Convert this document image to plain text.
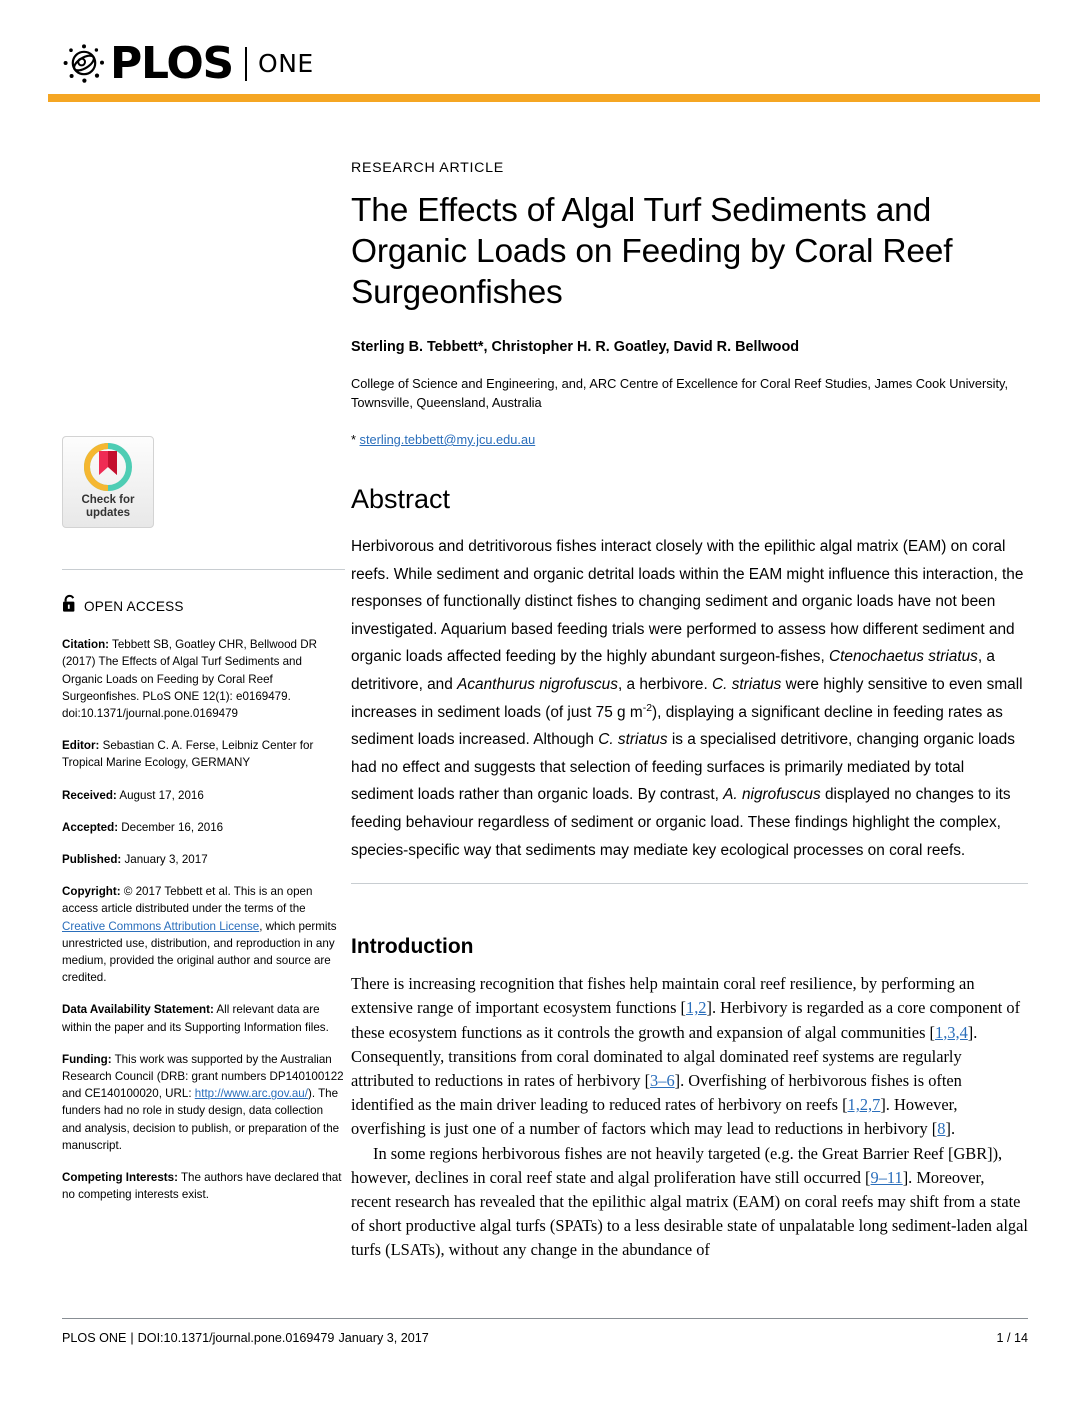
PLOS ONE
Check for
updates
OPEN ACCESS

Citation: Tebbett SB, Goatley CHR, Bellwood DR (2017) The Effects of Algal Turf Sediments and Organic Loads on Feeding by Coral Reef Surgeonfishes. PLoS ONE 12(1): e0169479. doi:10.1371/journal.pone.0169479

Editor: Sebastian C. A. Ferse, Leibniz Center for Tropical Marine Ecology, GERMANY

Received: August 17, 2016

Accepted: December 16, 2016

Published: January 3, 2017

Copyright: © 2017 Tebbett et al. This is an open access article distributed under the terms of the Creative Commons Attribution License, which permits unrestricted use, distribution, and reproduction in any medium, provided the original author and source are credited.

Data Availability Statement: All relevant data are within the paper and its Supporting Information files.

Funding: This work was supported by the Australian Research Council (DRB: grant numbers DP140100122 and CE140100020, URL: http://www.arc.gov.au/). The funders had no role in study design, data collection and analysis, decision to publish, or preparation of the manuscript.

Competing Interests: The authors have declared that no competing interests exist.

RESEARCH ARTICLE

The Effects of Algal Turf Sediments and Organic Loads on Feeding by Coral Reef Surgeonfishes

Sterling B. Tebbett*, Christopher H. R. Goatley, David R. Bellwood

College of Science and Engineering, and, ARC Centre of Excellence for Coral Reef Studies, James Cook University, Townsville, Queensland, Australia

* sterling.tebbett@my.jcu.edu.au

Abstract

Herbivorous and detritivorous fishes interact closely with the epilithic algal matrix (EAM) on coral reefs. While sediment and organic detrital loads within the EAM might influence this interaction, the responses of functionally distinct fishes to changing sediment and organic loads have not been investigated. Aquarium based feeding trials were performed to assess how different sediment and organic loads affected feeding by the highly abundant surgeon-fishes, Ctenochaetus striatus, a detritivore, and Acanthurus nigrofuscus, a herbivore. C. striatus were highly sensitive to even small increases in sediment loads (of just 75 g $m^{-2}$), displaying a significant decline in feeding rates as sediment loads increased. Although C. striatus is a specialised detritivore, changing organic loads had no effect and suggests that selection of feeding surfaces is primarily mediated by total sediment loads rather than organic loads. By contrast, A. nigrofuscus displayed no changes to its feeding behaviour regardless of sediment or organic load. These findings highlight the complex, species-specific way that sediments may mediate key ecological processes on coral reefs.

Introduction

There is increasing recognition that fishes help maintain coral reef resilience, by performing an extensive range of important ecosystem functions [1,2]. Herbivory is regarded as a core component of these ecosystem functions as it controls the growth and expansion of algal communities [1,3,4]. Consequently, transitions from coral dominated to algal dominated reef systems are regularly attributed to reductions in rates of herbivory [3–6]. Overfishing of herbivorous fishes is often identified as the main driver leading to reduced rates of herbivory on reefs [1,2,7]. However, overfishing is just one of a number of factors which may lead to reductions in herbivory [8].

In some regions herbivorous fishes are not heavily targeted (e.g. the Great Barrier Reef [GBR]), however, declines in coral reef state and algal proliferation have still occurred [9–11]. Moreover, recent research has revealed that the epilithic algal matrix (EAM) on coral reefs may shift from a state of short productive algal turfs (SPATs) to a less desirable state of unpalatable long sediment-laden algal turfs (LSATs), without any change in the abundance of

PLOS ONE | DOI:10.1371/journal.pone.0169479 January 3, 2017	1 / 14
